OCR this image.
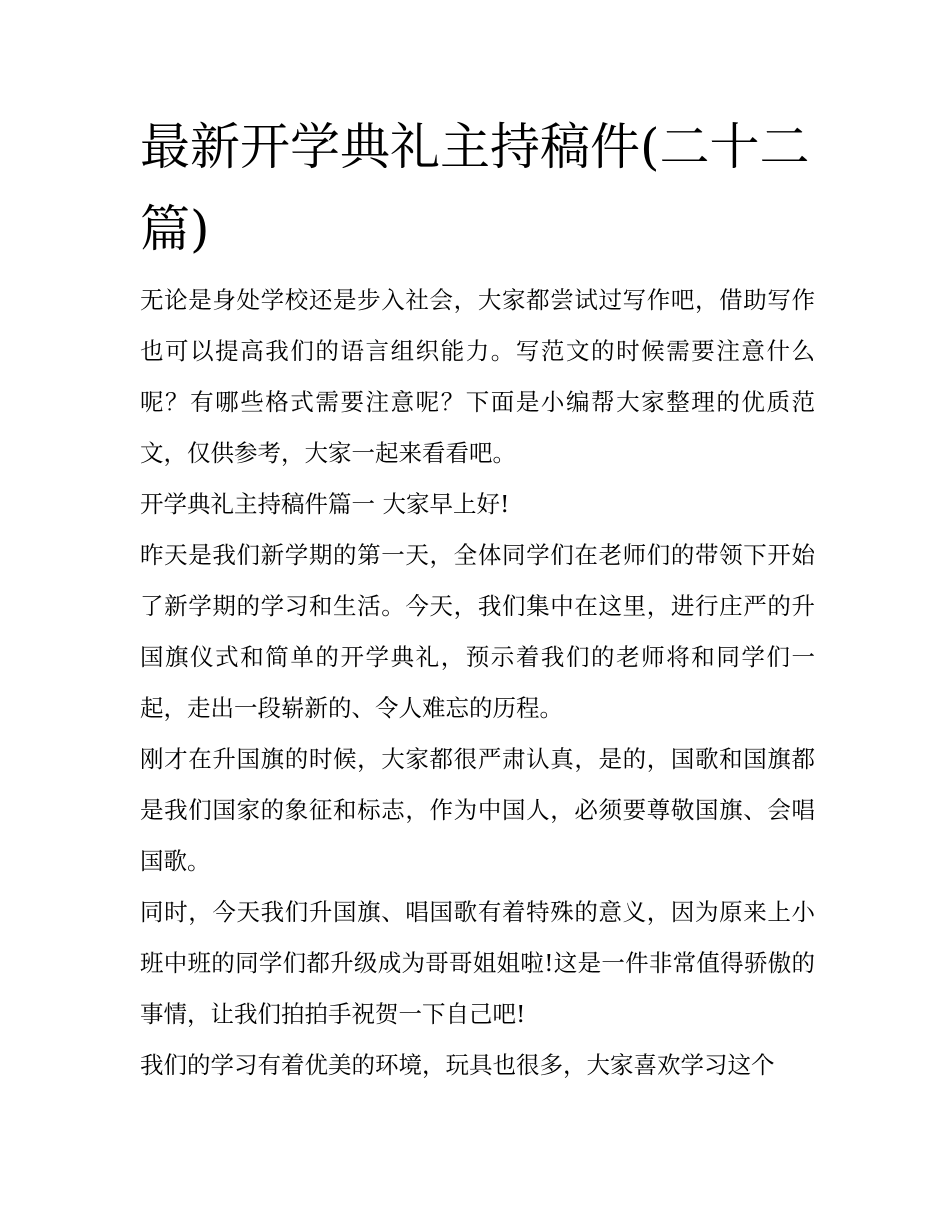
最新开学典礼主持稿件(二十二篇)

无论是身处学校还是步入社会，大家都尝试过写作吧，借助写作也可以提高我们的语言组织能力。写范文的时候需要注意什么呢？有哪些格式需要注意呢？下面是小编帮大家整理的优质范文，仅供参考，大家一起来看看吧。

开学典礼主持稿件篇一 大家早上好!

昨天是我们新学期的第一天，全体同学们在老师们的带领下开始了新学期的学习和生活。今天，我们集中在这里，进行庄严的升国旗仪式和简单的开学典礼，预示着我们的老师将和同学们一起，走出一段崭新的、令人难忘的历程。

刚才在升国旗的时候，大家都很严肃认真，是的，国歌和国旗都是我们国家的象征和标志，作为中国人，必须要尊敬国旗、会唱国歌。

同时，今天我们升国旗、唱国歌有着特殊的意义，因为原来上小班中班的同学们都升级成为哥哥姐姐啦!这是一件非常值得骄傲的事情，让我们拍拍手祝贺一下自己吧!

我们的学习有着优美的环境，玩具也很多，大家喜欢学习这个
